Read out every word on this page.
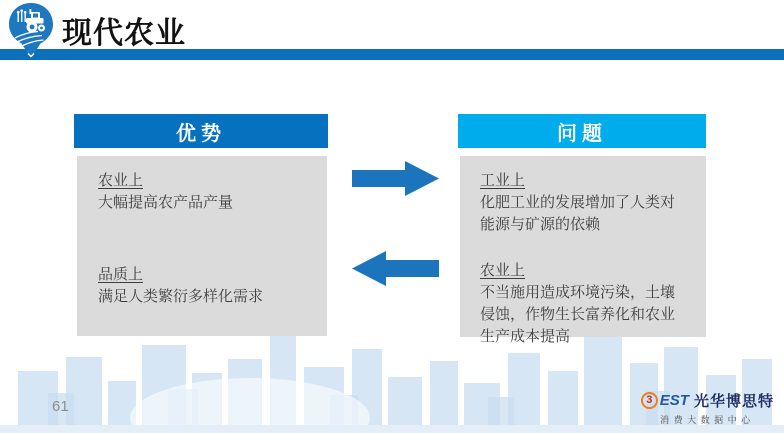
现代农业
优势
农业上
大幅提高农产品产量
品质上
满足人类繁衍多样化需求
问题
工业上
化肥工业的发展增加了人类对
能源与矿源的依赖
农业上
不当施用造成环境污染，土壤
侵蚀，作物生长富养化和农业
生产成本提高
61	3 EST 光华博思特
消费大数据中心
